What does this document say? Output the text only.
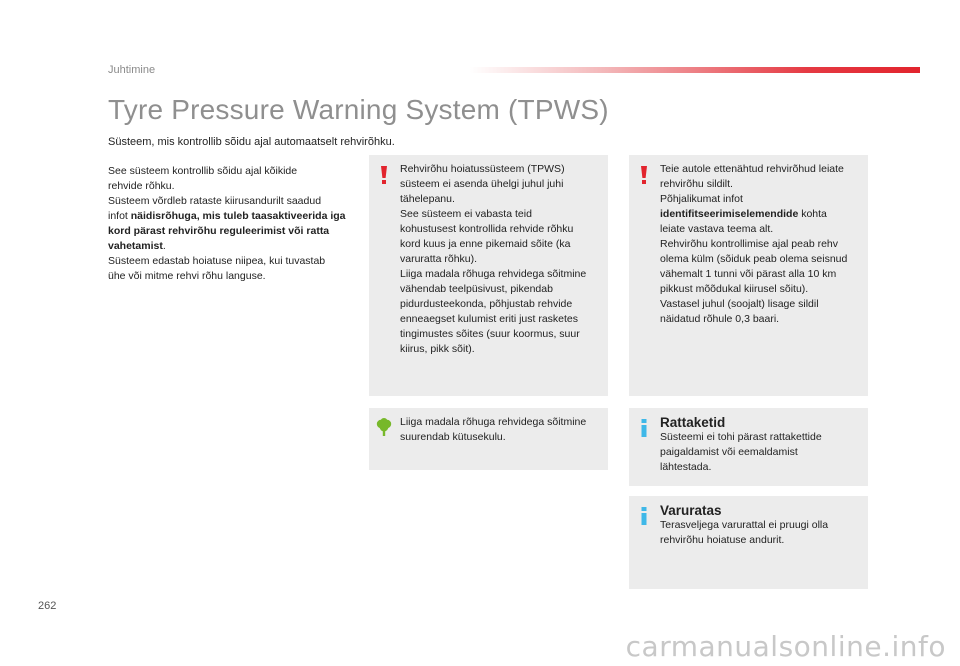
Juhtimine
Tyre Pressure Warning System (TPWS)
Süsteem, mis kontrollib sõidu ajal automaatselt rehvirõhku.

See süsteem kontrollib sõidu ajal kõikide

rehvide rõhku.

Süsteem võrdleb rataste kiirusandurilt saadud

infot näidisrõhuga, mis tuleb taasaktiveerida iga kord pärast rehvirõhu reguleerimist või ratta vahetamist.

Süsteem edastab hoiatuse niipea, kui tuvastab

ühe või mitme rehvi rõhu languse.

Rehvirõhu hoiatussüsteem (TPWS)

süsteem ei asenda ühelgi juhul juhi

tähelepanu.

See süsteem ei vabasta teid

kohustusest kontrollida rehvide rõhku

kord kuus ja enne pikemaid sõite (ka

varuratta rõhku).

Liiga madala rõhuga rehvidega sõitmine

vähendab teelpüsivust, pikendab

pidurdusteekonda, põhjustab rehvide

enneaegset kulumist eriti just rasketes

tingimustes sõites (suur koormus, suur

kiirus, pikk sõit).

Teie autole ettenähtud rehvirõhud leiate

rehvirõhu sildilt.

Põhjalikumat infot

identifitseerimiselemendide kohta

leiate vastava teema alt.

Rehvirõhu kontrollimise ajal peab rehv

olema külm (sõiduk peab olema seisnud

vähemalt 1 tunni või pärast alla 10 km

pikkust mõõdukal kiirusel sõitu).

Vastasel juhul (soojalt) lisage sildil

näidatud rõhule 0,3 baari.

Liiga madala rõhuga rehvidega sõitmine

suurendab kütusekulu.

Rattaketid

Süsteemi ei tohi pärast rattakettide

paigaldamist või eemaldamist

lähtestada.

Varuratas

Terasveljega varurattal ei pruugi olla

rehvirõhu hoiatuse andurit.

262
carmanualsonline.info
